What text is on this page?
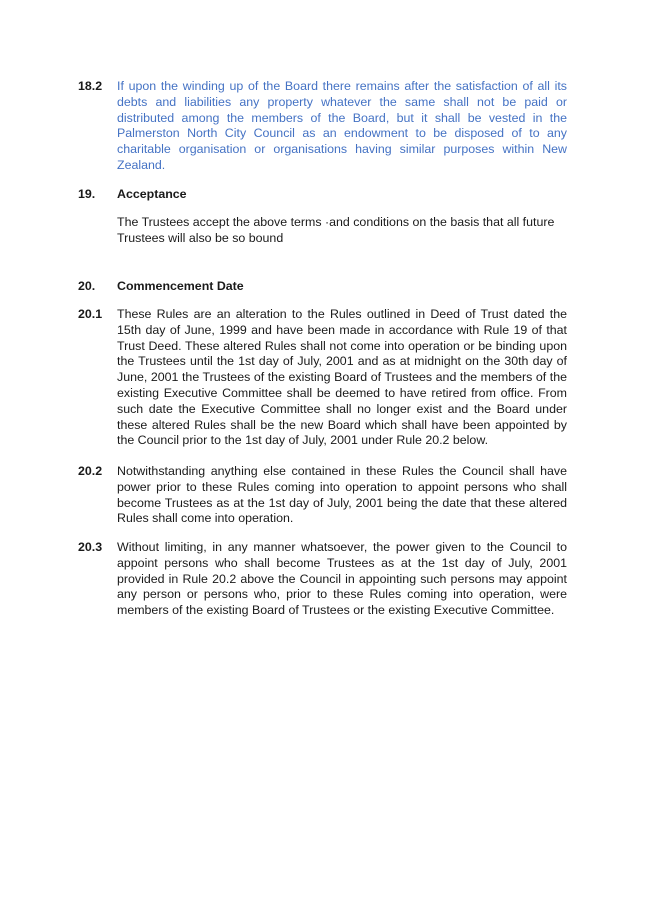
18.2	If upon the winding up of the Board there remains after the satisfaction of all its debts and liabilities any property whatever the same shall not be paid or distributed among the members of the Board, but it shall be vested in the Palmerston North City Council as an endowment to be disposed of to any charitable organisation or organisations having similar purposes within New Zealand.
19.	Acceptance
The Trustees accept the above terms ·and conditions on the basis that all future Trustees will also be so bound
20.	Commencement Date
20.1	These Rules are an alteration to the Rules outlined in Deed of Trust dated the 15th day of June, 1999 and have been made in accordance with Rule 19 of that Trust Deed. These altered Rules shall not come into operation or be binding upon the Trustees until the 1st day of July, 2001 and as at midnight on the 30th day of June, 2001 the Trustees of the existing Board of Trustees and the members of the existing Executive Committee shall be deemed to have retired from office. From such date the Executive Committee shall no longer exist and the Board under these altered Rules shall be the new Board which shall have been appointed by the Council prior to the 1st day of July, 2001 under Rule 20.2 below.
20.2	Notwithstanding anything else contained in these Rules the Council shall have power prior to these Rules coming into operation to appoint persons who shall become Trustees as at the 1st day of July, 2001 being the date that these altered Rules shall come into operation.
20.3	Without limiting, in any manner whatsoever, the power given to the Council to appoint persons who shall become Trustees as at the 1st day of July, 2001 provided in Rule 20.2 above the Council in appointing such persons may appoint any person or persons who, prior to these Rules coming into operation, were members of the existing Board of Trustees or the existing Executive Committee.
